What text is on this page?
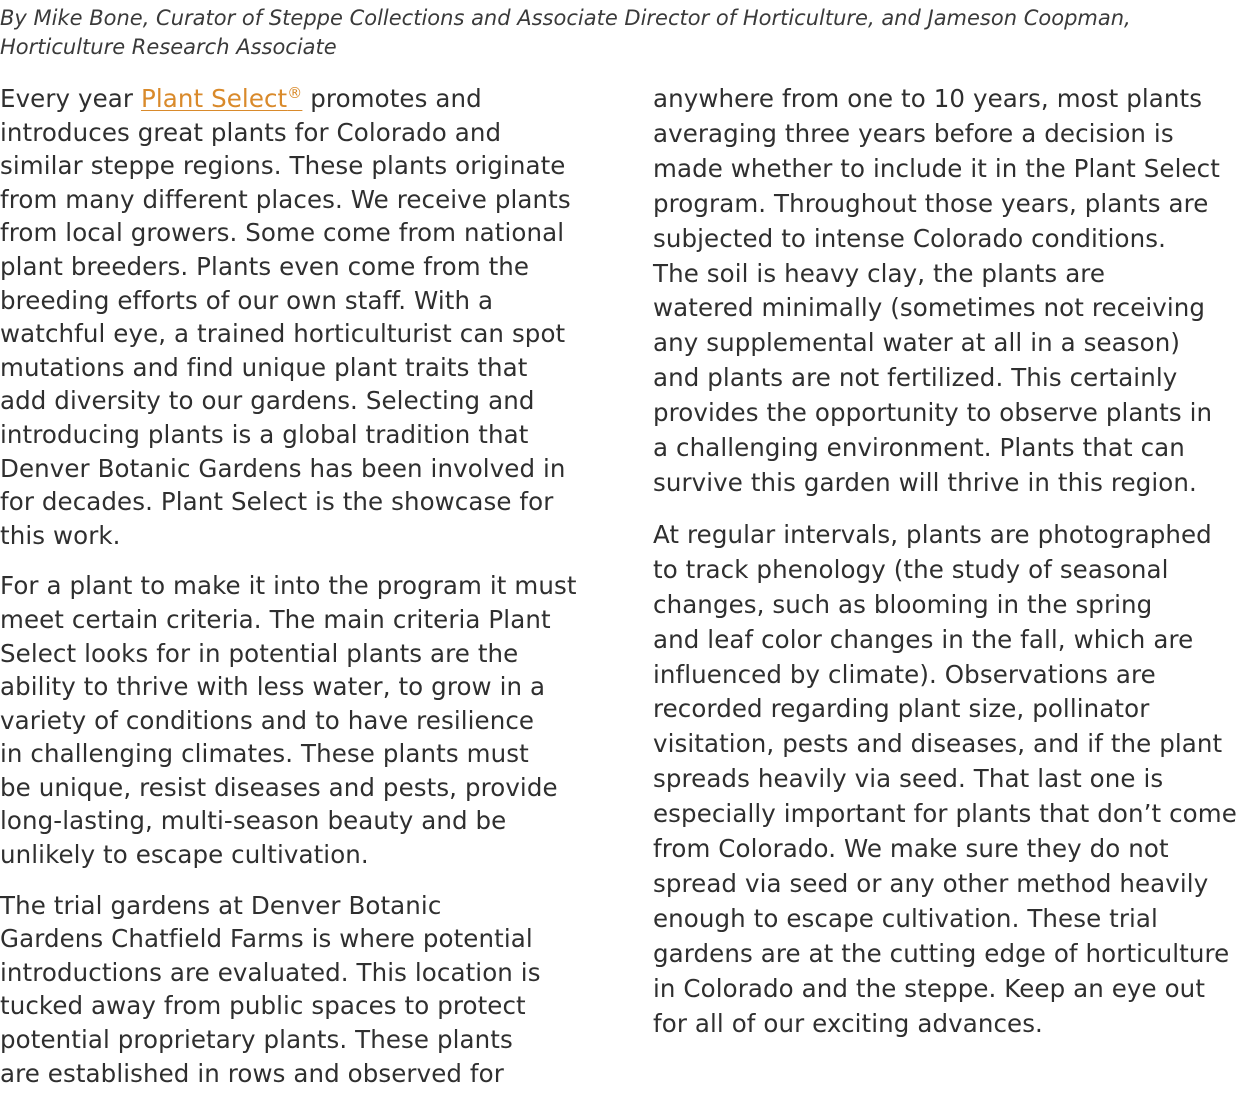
By Mike Bone, Curator of Steppe Collections and Associate Director of Horticulture, and Jameson Coopman, Horticulture Research Associate

Every year Plant Select® promotes and
introduces great plants for Colorado and
similar steppe regions. These plants originate
from many different places. We receive plants
from local growers. Some come from national
plant breeders. Plants even come from the
breeding efforts of our own staff. With a
watchful eye, a trained horticulturist can spot
mutations and find unique plant traits that
add diversity to our gardens. Selecting and
introducing plants is a global tradition that
Denver Botanic Gardens has been involved in
for decades. Plant Select is the showcase for
this work.

For a plant to make it into the program it must
meet certain criteria. The main criteria Plant
Select looks for in potential plants are the
ability to thrive with less water, to grow in a
variety of conditions and to have resilience
in challenging climates. These plants must
be unique, resist diseases and pests, provide
long-lasting, multi-season beauty and be
unlikely to escape cultivation.

The trial gardens at Denver Botanic
Gardens Chatfield Farms is where potential
introductions are evaluated. This location is
tucked away from public spaces to protect
potential proprietary plants. These plants
are established in rows and observed for

anywhere from one to 10 years, most plants
averaging three years before a decision is
made whether to include it in the Plant Select
program. Throughout those years, plants are
subjected to intense Colorado conditions.
The soil is heavy clay, the plants are
watered minimally (sometimes not receiving
any supplemental water at all in a season)
and plants are not fertilized. This certainly
provides the opportunity to observe plants in
a challenging environment. Plants that can
survive this garden will thrive in this region.

At regular intervals, plants are photographed
to track phenology (the study of seasonal
changes, such as blooming in the spring
and leaf color changes in the fall, which are
influenced by climate). Observations are
recorded regarding plant size, pollinator
visitation, pests and diseases, and if the plant
spreads heavily via seed. That last one is
especially important for plants that don’t come
from Colorado. We make sure they do not
spread via seed or any other method heavily
enough to escape cultivation. These trial
gardens are at the cutting edge of horticulture
in Colorado and the steppe. Keep an eye out
for all of our exciting advances.
